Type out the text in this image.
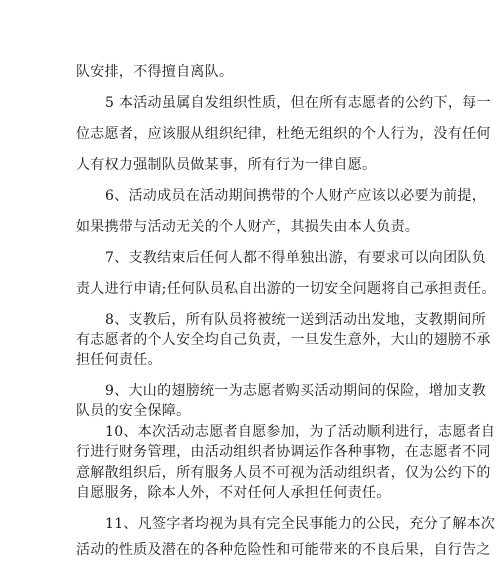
队安排，不得擅自离队。
5 本活动虽属自发组织性质，但在所有志愿者的公约下，每一
位志愿者，应该服从组织纪律，杜绝无组织的个人行为，没有任何
人有权力强制队员做某事，所有行为一律自愿。
6、活动成员在活动期间携带的个人财产应该以必要为前提，
如果携带与活动无关的个人财产，其损失由本人负责。
7、支教结束后任何人都不得单独出游，有要求可以向团队负
责人进行申请;任何队员私自出游的一切安全问题将自己承担责任。
8、支教后，所有队员将被统一送到活动出发地，支教期间所
有志愿者的个人安全均自己负责，一旦发生意外，大山的翅膀不承
担任何责任。
9、大山的翅膀统一为志愿者购买活动期间的保险，增加支教
队员的安全保障。
10、本次活动志愿者自愿参加，为了活动顺利进行，志愿者自
行进行财务管理，由活动组织者协调运作各种事物，在志愿者不同
意解散组织后，所有服务人员不可视为活动组织者，仅为公约下的
自愿服务，除本人外，不对任何人承担任何责任。
11、凡签字者均视为具有完全民事能力的公民，充分了解本次
活动的性质及潜在的各种危险性和可能带来的不良后果，自行告之
